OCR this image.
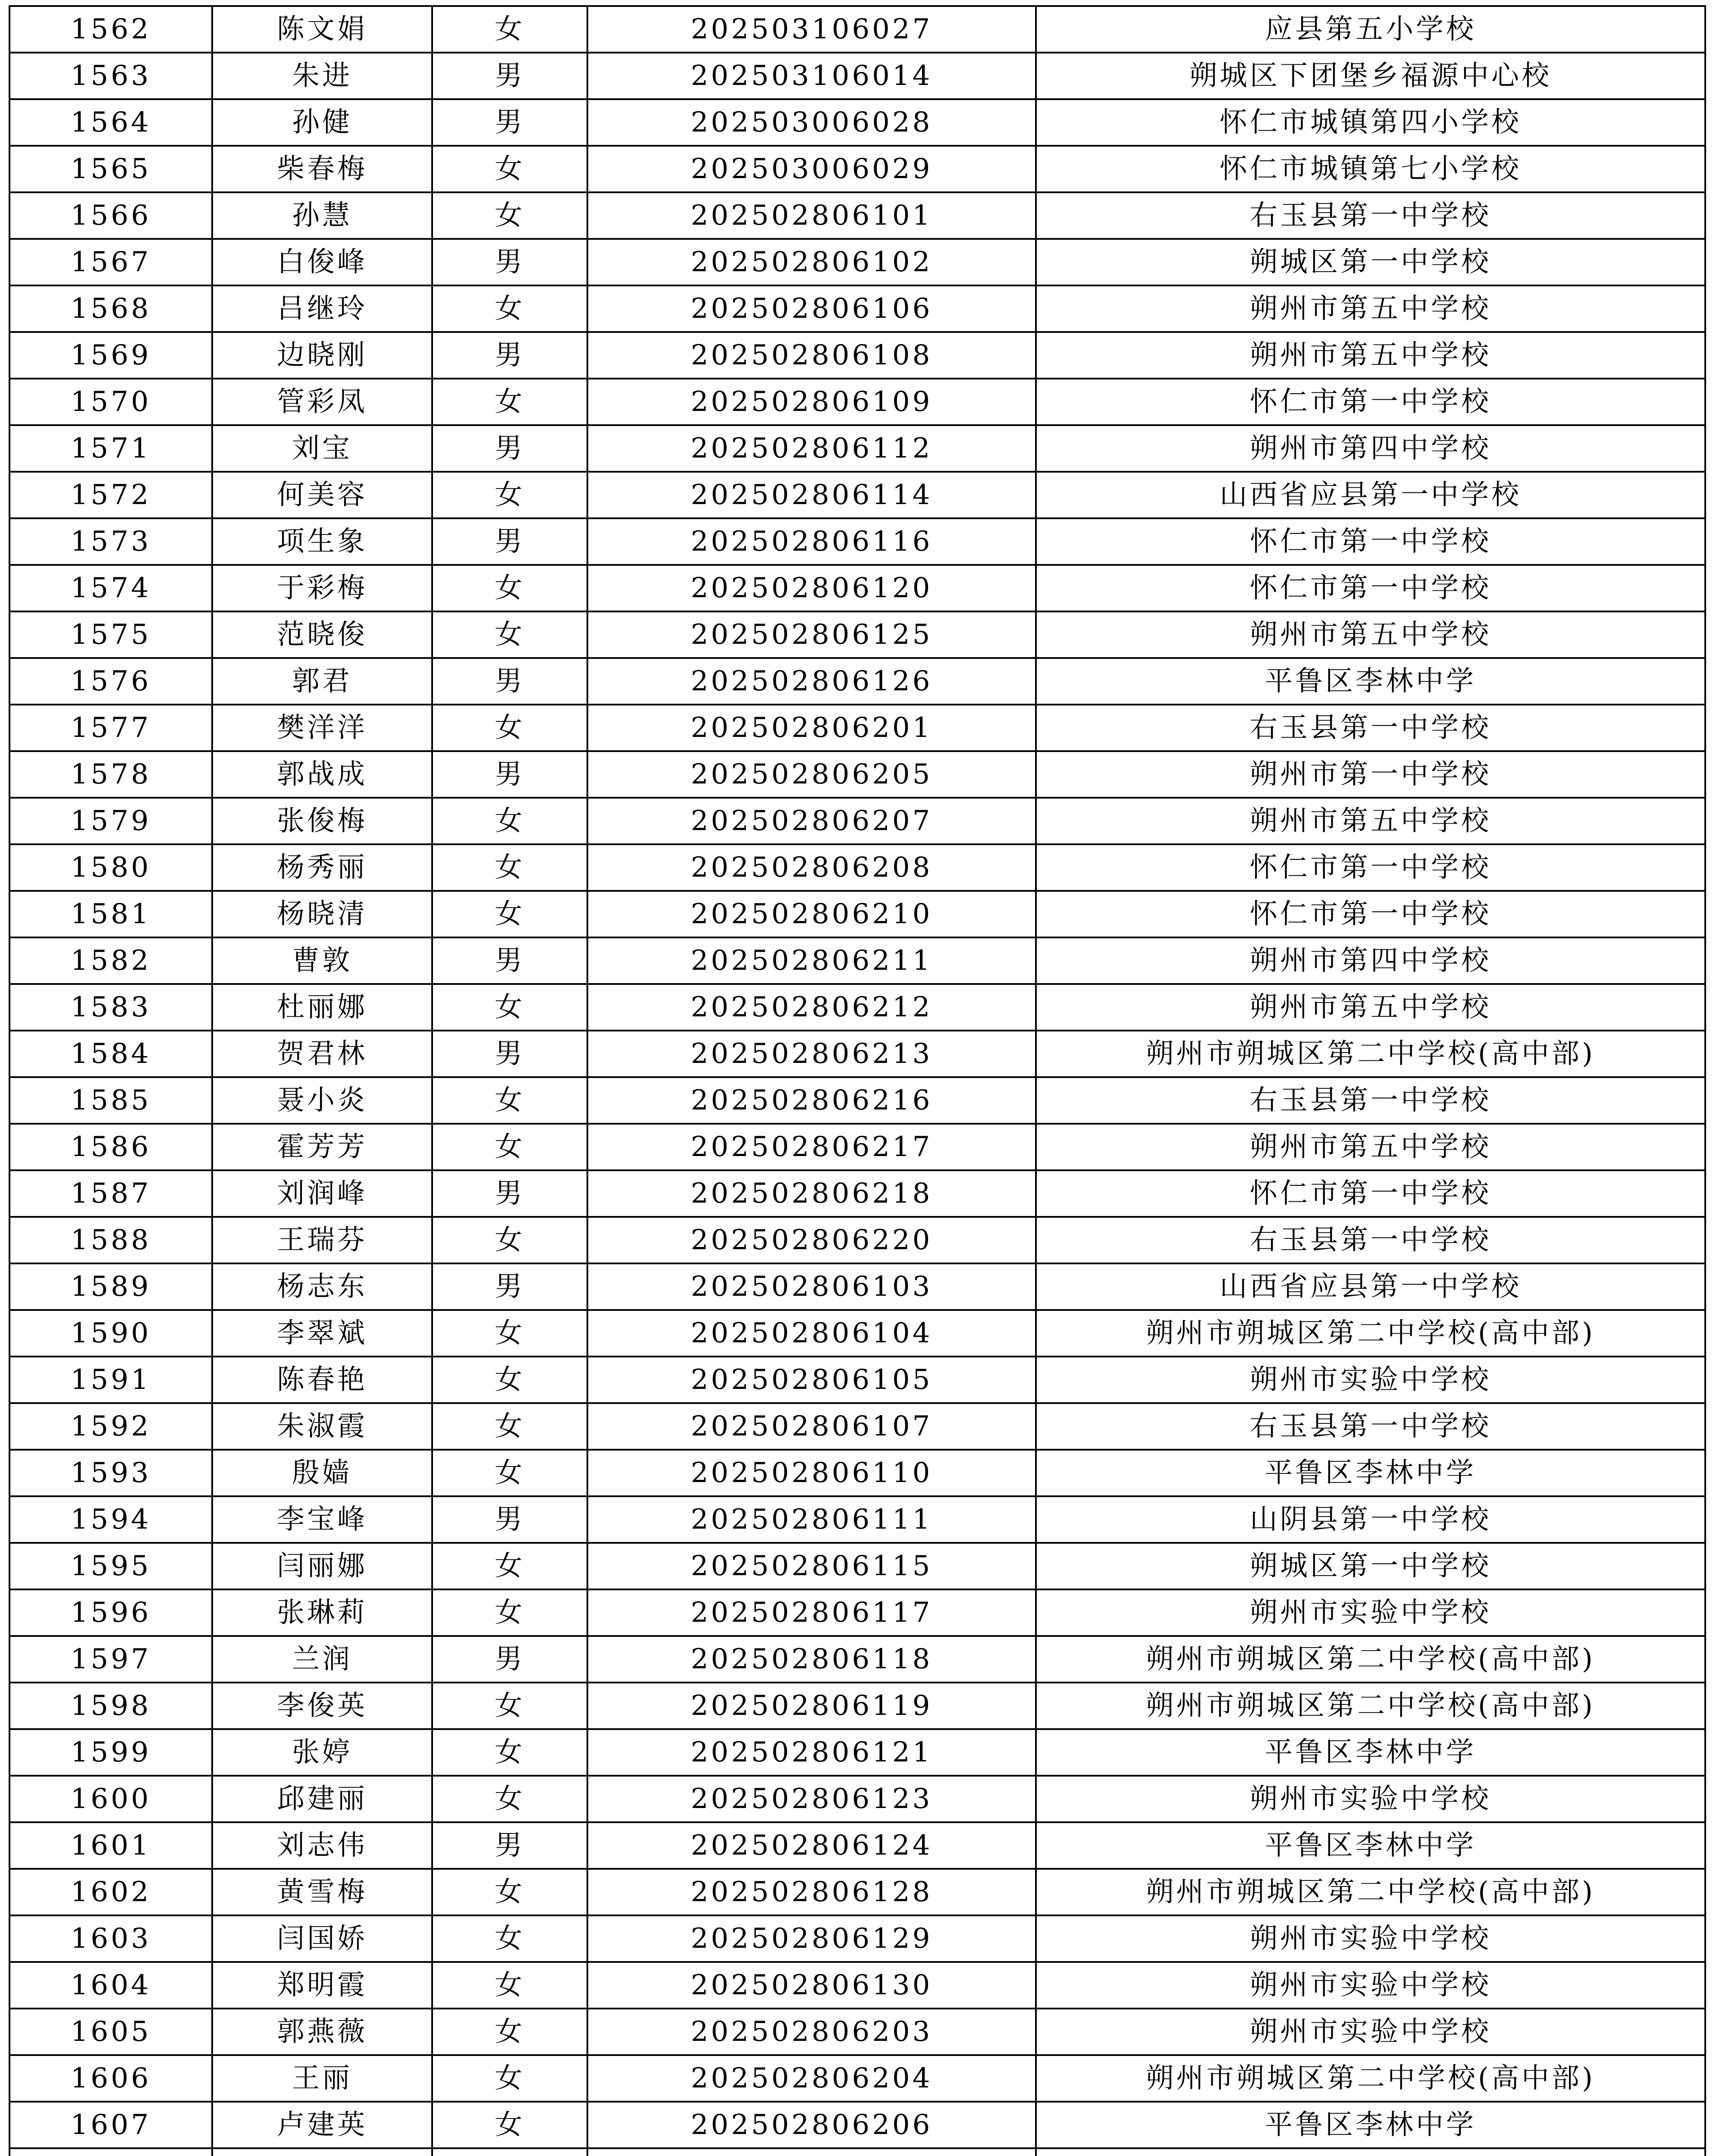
1562	陈文娟	女	202503106027	应县第五小学校
1563	朱进	男	202503106014	朔城区下团堡乡福源中心校
1564	孙健	男	202503006028	怀仁市城镇第四小学校
1565	柴春梅	女	202503006029	怀仁市城镇第七小学校
1566	孙慧	女	202502806101	右玉县第一中学校
1567	白俊峰	男	202502806102	朔城区第一中学校
1568	吕继玲	女	202502806106	朔州市第五中学校
1569	边晓刚	男	202502806108	朔州市第五中学校
1570	管彩凤	女	202502806109	怀仁市第一中学校
1571	刘宝	男	202502806112	朔州市第四中学校
1572	何美容	女	202502806114	山西省应县第一中学校
1573	项生象	男	202502806116	怀仁市第一中学校
1574	于彩梅	女	202502806120	怀仁市第一中学校
1575	范晓俊	女	202502806125	朔州市第五中学校
1576	郭君	男	202502806126	平鲁区李林中学
1577	樊洋洋	女	202502806201	右玉县第一中学校
1578	郭战成	男	202502806205	朔州市第一中学校
1579	张俊梅	女	202502806207	朔州市第五中学校
1580	杨秀丽	女	202502806208	怀仁市第一中学校
1581	杨晓清	女	202502806210	怀仁市第一中学校
1582	曹敦	男	202502806211	朔州市第四中学校
1583	杜丽娜	女	202502806212	朔州市第五中学校
1584	贺君林	男	202502806213	朔州市朔城区第二中学校(高中部)
1585	聂小炎	女	202502806216	右玉县第一中学校
1586	霍芳芳	女	202502806217	朔州市第五中学校
1587	刘润峰	男	202502806218	怀仁市第一中学校
1588	王瑞芬	女	202502806220	右玉县第一中学校
1589	杨志东	男	202502806103	山西省应县第一中学校
1590	李翠斌	女	202502806104	朔州市朔城区第二中学校(高中部)
1591	陈春艳	女	202502806105	朔州市实验中学校
1592	朱淑霞	女	202502806107	右玉县第一中学校
1593	殷嫱	女	202502806110	平鲁区李林中学
1594	李宝峰	男	202502806111	山阴县第一中学校
1595	闫丽娜	女	202502806115	朔城区第一中学校
1596	张琳莉	女	202502806117	朔州市实验中学校
1597	兰润	男	202502806118	朔州市朔城区第二中学校(高中部)
1598	李俊英	女	202502806119	朔州市朔城区第二中学校(高中部)
1599	张婷	女	202502806121	平鲁区李林中学
1600	邱建丽	女	202502806123	朔州市实验中学校
1601	刘志伟	男	202502806124	平鲁区李林中学
1602	黄雪梅	女	202502806128	朔州市朔城区第二中学校(高中部)
1603	闫国娇	女	202502806129	朔州市实验中学校
1604	郑明霞	女	202502806130	朔州市实验中学校
1605	郭燕薇	女	202502806203	朔州市实验中学校
1606	王丽	女	202502806204	朔州市朔城区第二中学校(高中部)
1607	卢建英	女	202502806206	平鲁区李林中学
